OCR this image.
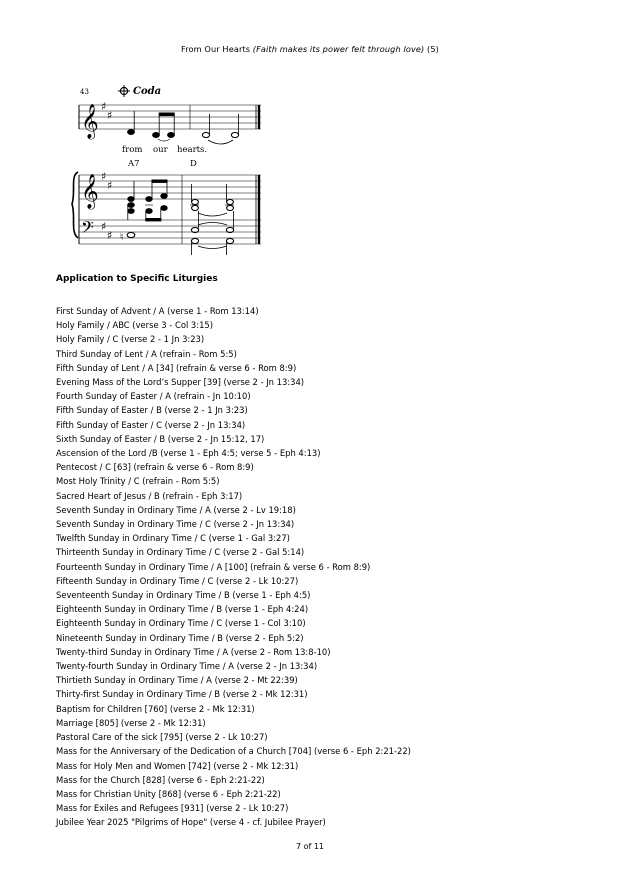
From Our Hearts (Faith makes its power felt through love) (5)
43	Coda
𝄞 ♯
♯
from our hearts.
A7	D
𝄞 ♯
♯
𝄢 ♯
♯ ♮
Application to Specific Liturgies
First Sunday of Advent / A (verse 1 - Rom 13:14)
Holy Family / ABC (verse 3 - Col 3:15)
Holy Family / C (verse 2 - 1 Jn 3:23)
Third Sunday of Lent / A (refrain - Rom 5:5)
Fifth Sunday of Lent / A [34] (refrain & verse 6 - Rom 8:9)
Evening Mass of the Lord’s Supper [39] (verse 2 - Jn 13:34)
Fourth Sunday of Easter / A (refrain - Jn 10:10)
Fifth Sunday of Easter / B (verse 2 - 1 Jn 3:23)
Fifth Sunday of Easter / C (verse 2 - Jn 13:34)
Sixth Sunday of Easter / B (verse 2 - Jn 15:12, 17)
Ascension of the Lord /B (verse 1 - Eph 4:5; verse 5 - Eph 4:13)
Pentecost / C [63] (refrain & verse 6 - Rom 8:9)
Most Holy Trinity / C (refrain - Rom 5:5)
Sacred Heart of Jesus / B (refrain - Eph 3:17)
Seventh Sunday in Ordinary Time / A (verse 2 - Lv 19:18)
Seventh Sunday in Ordinary Time / C (verse 2 - Jn 13:34)
Twelfth Sunday in Ordinary Time / C (verse 1 - Gal 3:27)
Thirteenth Sunday in Ordinary Time / C (verse 2 - Gal 5:14)
Fourteenth Sunday in Ordinary Time / A [100] (refrain & verse 6 - Rom 8:9)
Fifteenth Sunday in Ordinary Time / C (verse 2 - Lk 10:27)
Seventeenth Sunday in Ordinary Time / B (verse 1 - Eph 4:5)
Eighteenth Sunday in Ordinary Time / B (verse 1 - Eph 4:24)
Eighteenth Sunday in Ordinary Time / C (verse 1 - Col 3:10)
Nineteenth Sunday in Ordinary Time / B (verse 2 - Eph 5:2)
Twenty-third Sunday in Ordinary Time / A (verse 2 - Rom 13:8-10)
Twenty-fourth Sunday in Ordinary Time / A (verse 2 - Jn 13:34)
Thirtieth Sunday in Ordinary Time / A (verse 2 - Mt 22:39)
Thirty-first Sunday in Ordinary Time / B (verse 2 - Mk 12:31)
Baptism for Children [760] (verse 2 - Mk 12:31)
Marriage [805] (verse 2 - Mk 12:31)
Pastoral Care of the sick [795] (verse 2 - Lk 10:27)
Mass for the Anniversary of the Dedication of a Church [704] (verse 6 - Eph 2:21-22)
Mass for Holy Men and Women [742] (verse 2 - Mk 12:31)
Mass for the Church [828] (verse 6 - Eph 2:21-22)
Mass for Christian Unity [868] (verse 6 - Eph 2:21-22)
Mass for Exiles and Refugees [931] (verse 2 - Lk 10:27)
Jubilee Year 2025 "Pilgrims of Hope" (verse 4 - cf. Jubilee Prayer)
7 of 11
